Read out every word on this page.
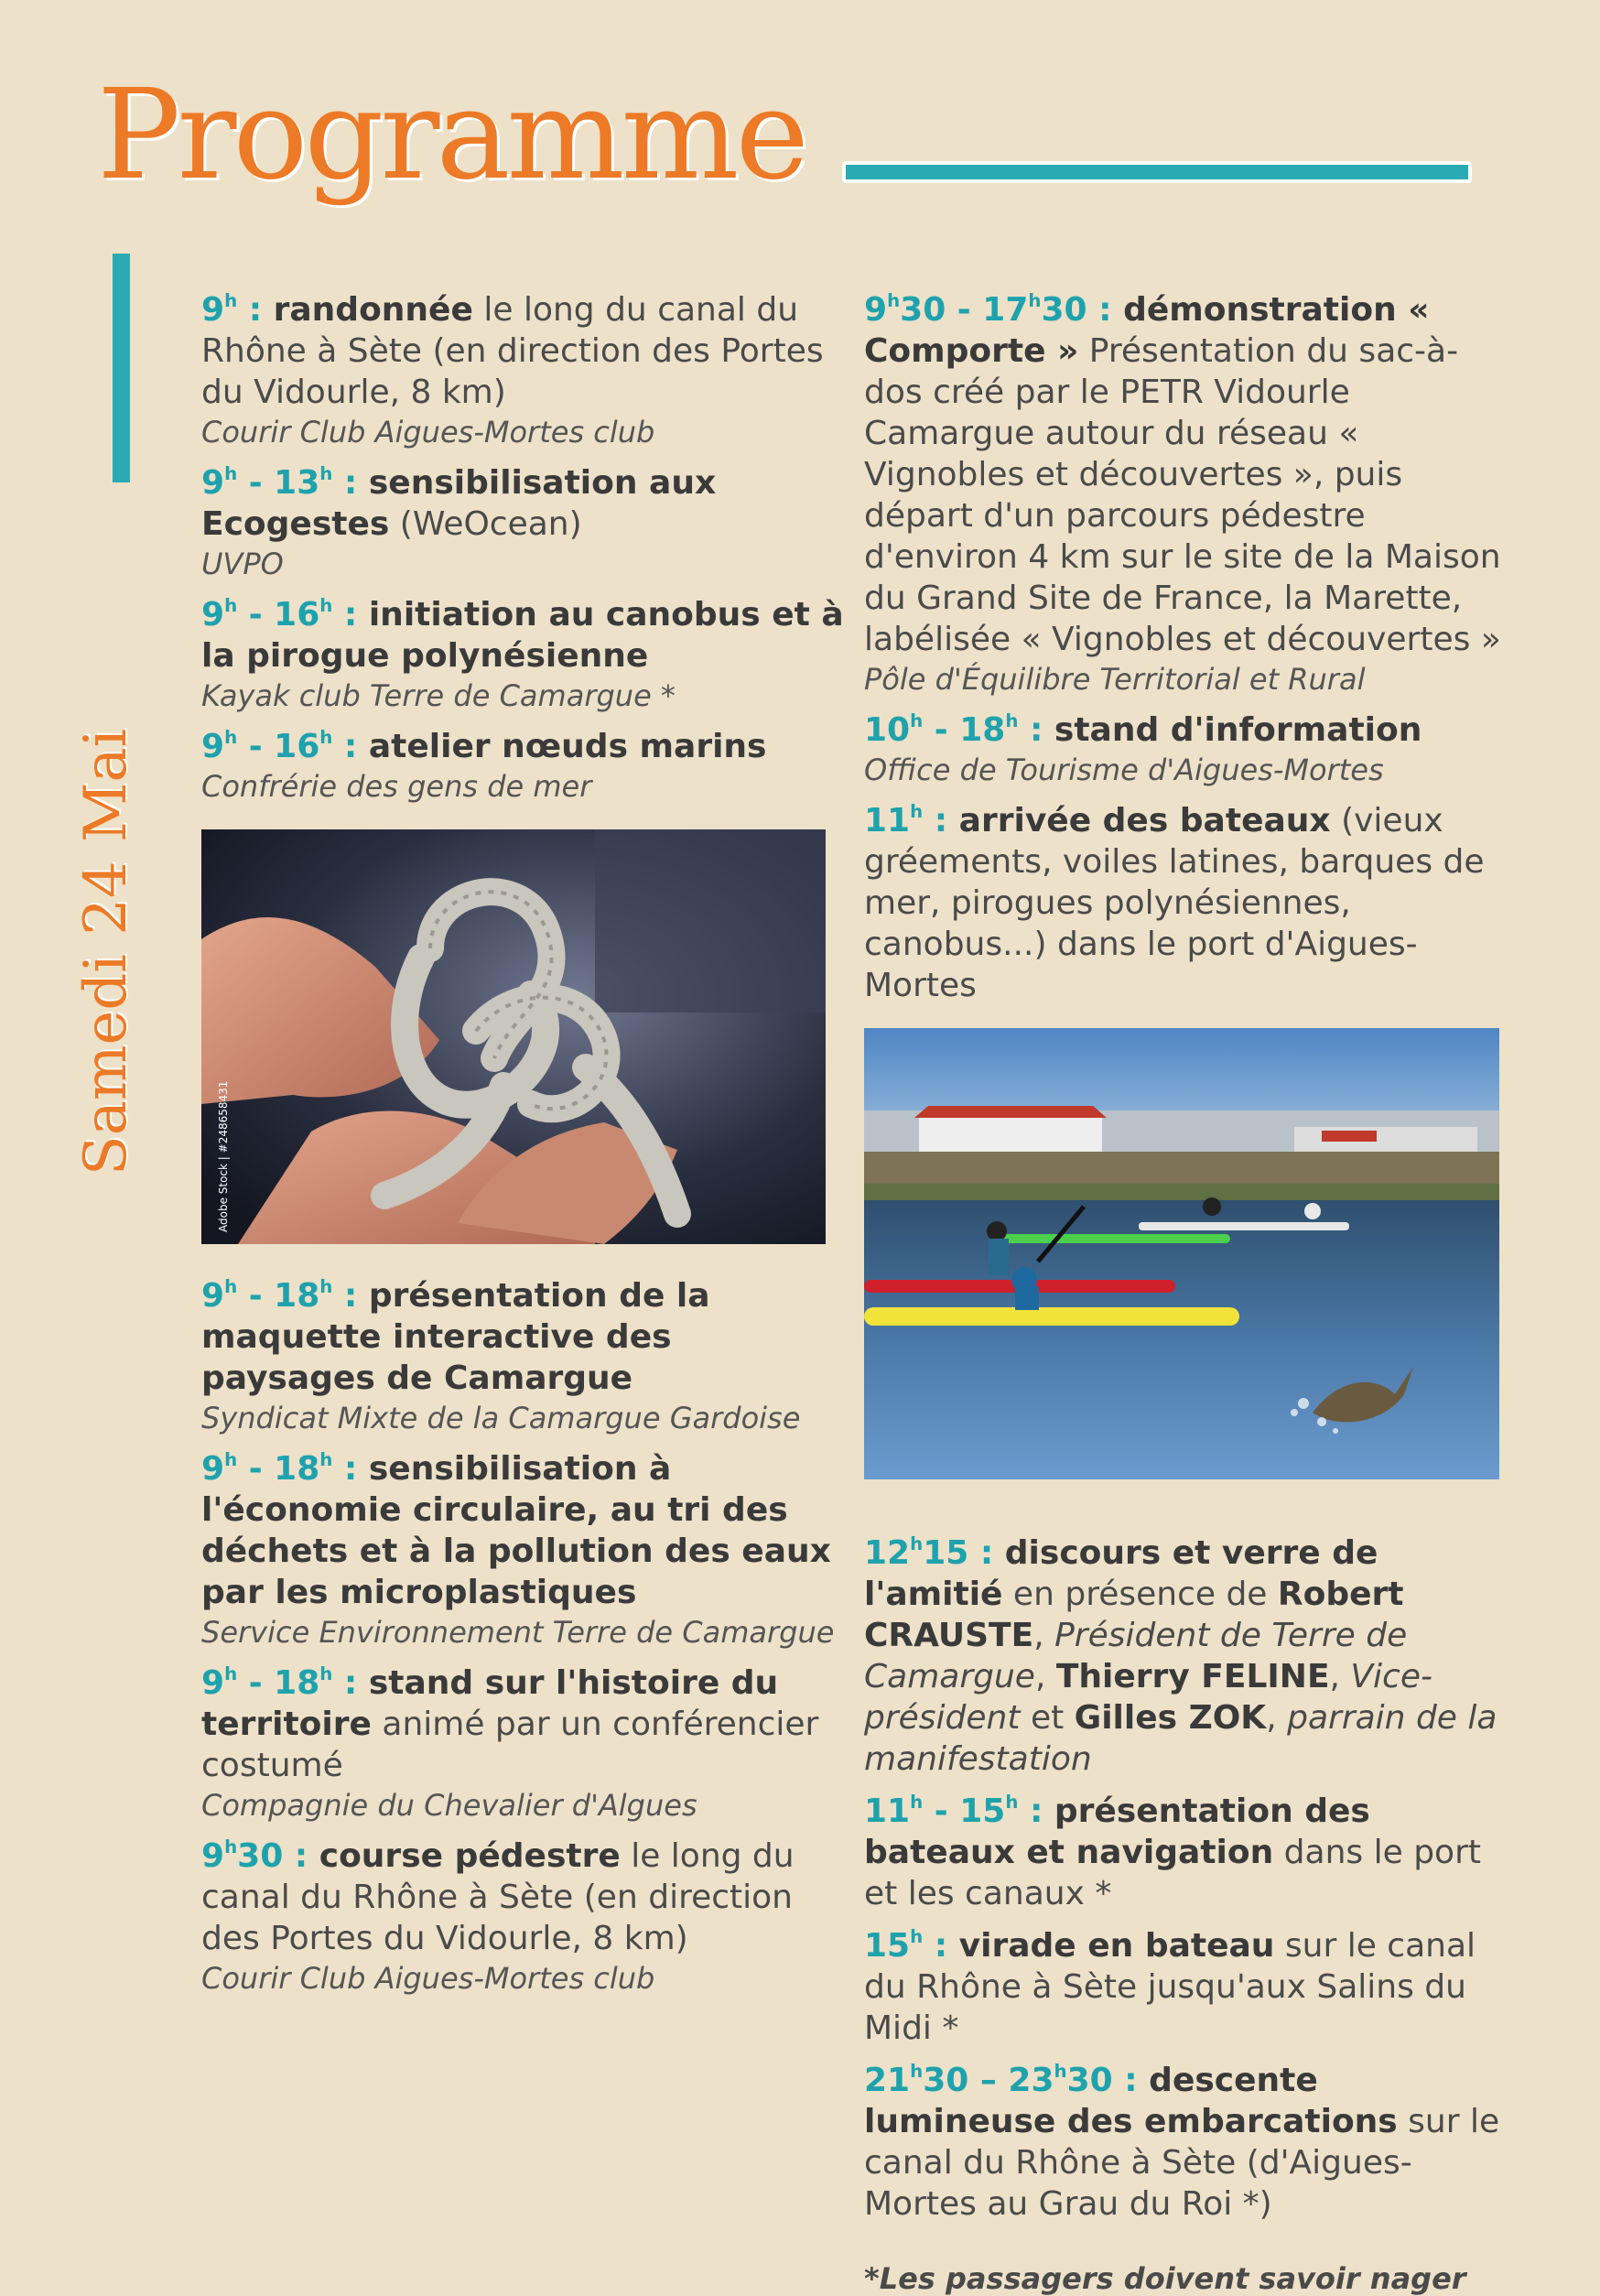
Programme
Samedi 24 Mai
9$^h$ : randonnée le long du canal du Rhône à Sète (en direction des Portes du Vidourle, 8 km)
Courir Club Aigues-Mortes club
9$^h$ - 13$^h$ : sensibilisation aux Ecogestes (WeOcean)
UVPO
9$^h$ - 16$^h$ : initiation au canobus et à la pirogue polynésienne
Kayak club Terre de Camargue *
9$^h$ - 16$^h$ : atelier nœuds marins
Confrérie des gens de mer
Adobe Stock | #248658431
9$^h$ - 18$^h$ : présentation de la maquette interactive des paysages de Camargue
Syndicat Mixte de la Camargue Gardoise
9$^h$ - 18$^h$ : sensibilisation à l'économie circulaire, au tri des déchets et à la pollution des eaux par les microplastiques
Service Environnement Terre de Camargue
9$^h$ - 18$^h$ : stand sur l'histoire du territoire animé par un conférencier costumé
Compagnie du Chevalier d'Algues
9$^h$30 : course pédestre le long du canal du Rhône à Sète (en direction des Portes du Vidourle, 8 km)
Courir Club Aigues-Mortes club
9$^h$30 - 17$^h$30 : démonstration « Comporte » Présentation du sac-à-dos créé par le PETR Vidourle Camargue autour du réseau « Vignobles et découvertes », puis départ d'un parcours pédestre d'environ 4 km sur le site de la Maison du Grand Site de France, la Marette, labélisée « Vignobles et découvertes »
Pôle d'Équilibre Territorial et Rural
10$^h$ - 18$^h$ : stand d'information
Office de Tourisme d'Aigues-Mortes
11$^h$ : arrivée des bateaux (vieux gréements, voiles latines, barques de mer, pirogues polynésiennes, canobus...) dans le port d'Aigues-Mortes
12$^h$15 : discours et verre de l'amitié en présence de Robert CRAUSTE, Président de Terre de Camargue, Thierry FELINE, Vice-président et Gilles ZOK, parrain de la manifestation
11$^h$ - 15$^h$ : présentation des bateaux et navigation dans le port et les canaux *
15$^h$ : virade en bateau sur le canal du Rhône à Sète jusqu'aux Salins du Midi *
21$^h$30 – 23$^h$30 : descente lumineuse des embarcations sur le canal du Rhône à Sète (d'Aigues-Mortes au Grau du Roi *)
*Les passagers doivent savoir nager
